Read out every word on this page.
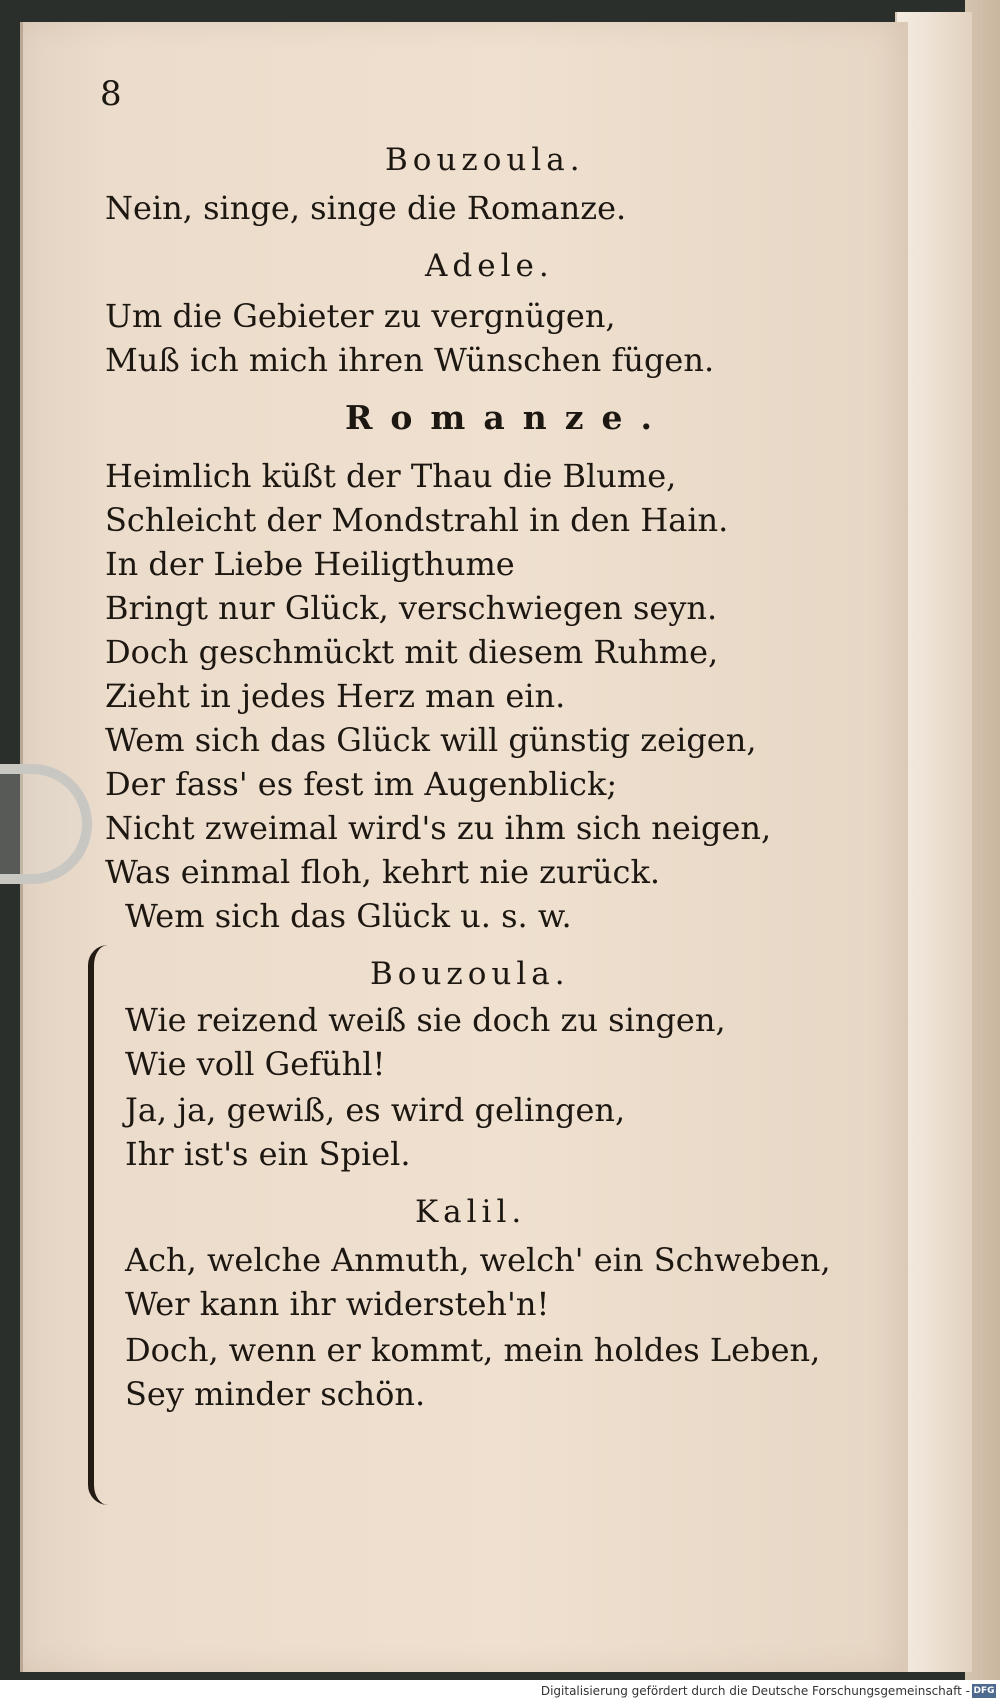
8
Bouzoula.
Nein, singe, singe die Romanze.
Adele.
Um die Gebieter zu vergnügen,
Muß ich mich ihren Wünschen fügen.
Romanze.
Heimlich küßt der Thau die Blume,
Schleicht der Mondstrahl in den Hain.
In der Liebe Heiligthume
Bringt nur Glück, verschwiegen seyn.
Doch geschmückt mit diesem Ruhme,
Zieht in jedes Herz man ein.
Wem sich das Glück will günstig zeigen,
Der fass' es fest im Augenblick;
Nicht zweimal wird's zu ihm sich neigen,
Was einmal floh, kehrt nie zurück.
Wem sich das Glück u. s. w.
Bouzoula.
Wie reizend weiß sie doch zu singen,
Wie voll Gefühl!
Ja, ja, gewiß, es wird gelingen,
Ihr ist's ein Spiel.
Kalil.
Ach, welche Anmuth, welch' ein Schweben,
Wer kann ihr widersteh'n!
Doch, wenn er kommt, mein holdes Leben,
Sey minder schön.
Digitalisierung gefördert durch die Deutsche Forschungsgemeinschaft - DFG
